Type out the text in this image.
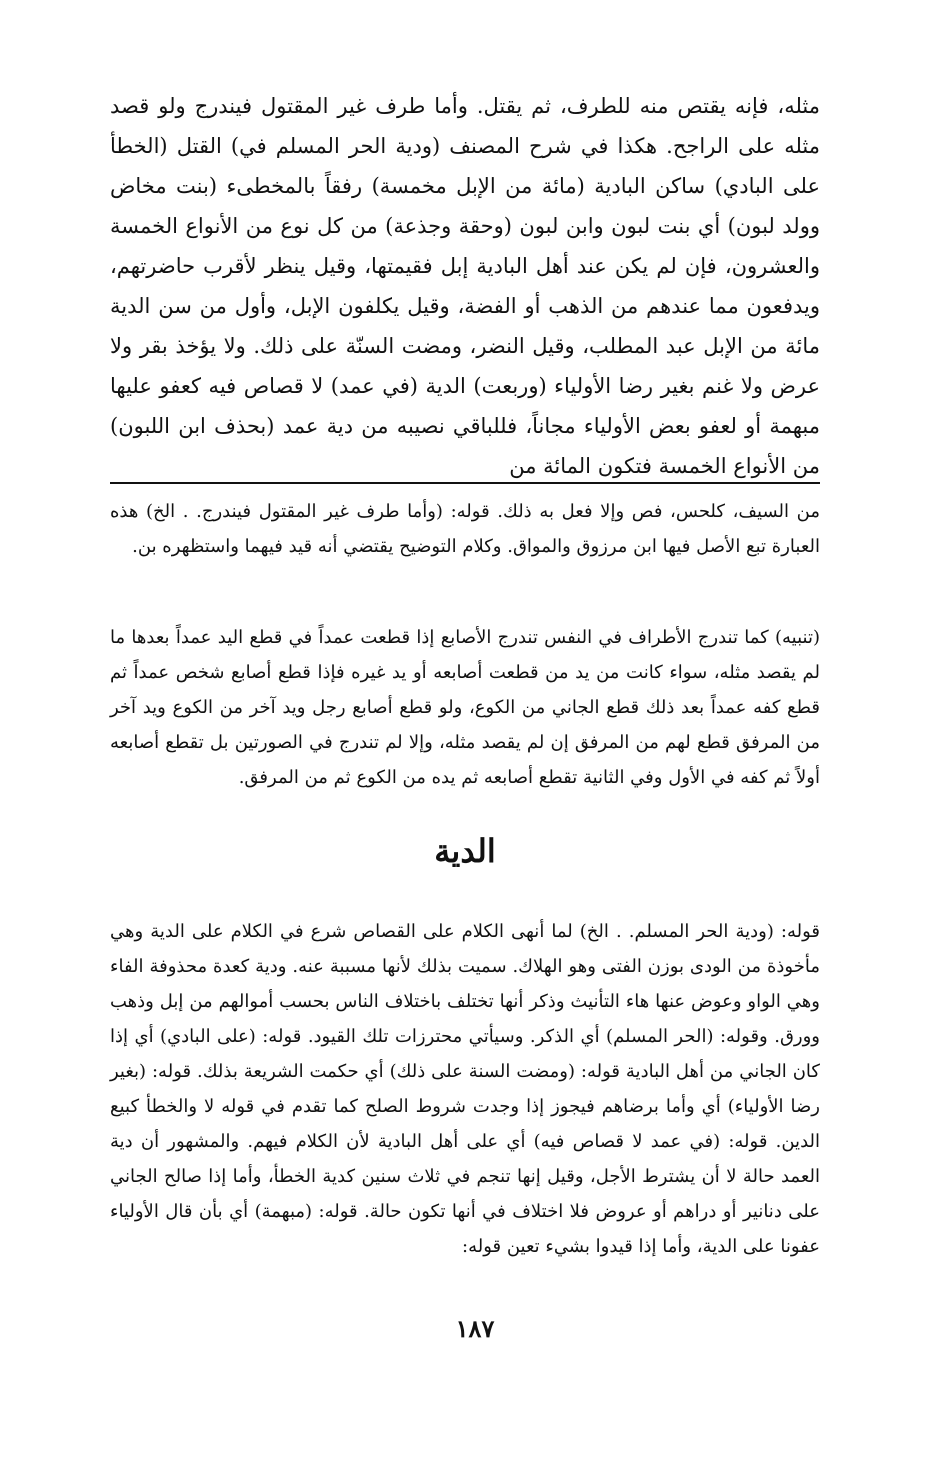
مثله، فإنه يقتص منه للطرف، ثم يقتل. وأما طرف غير المقتول فيندرج ولو قصد مثله على الراجح. هكذا في شرح المصنف (ودية الحر المسلم في) القتل (الخطأ على البادي) ساكن البادية (مائة من الإبل مخمسة) رفقاً بالمخطىء (بنت مخاض وولد لبون) أي بنت لبون وابن لبون (وحقة وجذعة) من كل نوع من الأنواع الخمسة والعشرون، فإن لم يكن عند أهل البادية إبل فقيمتها، وقيل ينظر لأقرب حاضرتهم، ويدفعون مما عندهم من الذهب أو الفضة، وقيل يكلفون الإبل، وأول من سن الدية مائة من الإبل عبد المطلب، وقيل النضر، ومضت السنّة على ذلك. ولا يؤخذ بقر ولا عرض ولا غنم بغير رضا الأولياء (وربعت) الدية (في عمد) لا قصاص فيه كعفو عليها مبهمة أو لعفو بعض الأولياء مجاناً، فللباقي نصيبه من دية عمد (بحذف ابن اللبون) من الأنواع الخمسة فتكون المائة من

من السيف، كلحس، فص وإلا فعل به ذلك. قوله: (وأما طرف غير المقتول فيندرج. . الخ) هذه العبارة تبع الأصل فيها ابن مرزوق والمواق. وكلام التوضيح يقتضي أنه قيد فيهما واستظهره بن.

(تنبيه) كما تندرج الأطراف في النفس تندرج الأصابع إذا قطعت عمداً في قطع اليد عمداً بعدها ما لم يقصد مثله، سواء كانت من يد من قطعت أصابعه أو يد غيره فإذا قطع أصابع شخص عمداً ثم قطع كفه عمداً بعد ذلك قطع الجاني من الكوع، ولو قطع أصابع رجل ويد آخر من الكوع ويد آخر من المرفق قطع لهم من المرفق إن لم يقصد مثله، وإلا لم تندرج في الصورتين بل تقطع أصابعه أولاً ثم كفه في الأول وفي الثانية تقطع أصابعه ثم يده من الكوع ثم من المرفق.

الدية

قوله: (ودية الحر المسلم. . الخ) لما أنهى الكلام على القصاص شرع في الكلام على الدية وهي مأخوذة من الودى بوزن الفتى وهو الهلاك. سميت بذلك لأنها مسببة عنه. ودية كعدة محذوفة الفاء وهي الواو وعوض عنها هاء التأنيث وذكر أنها تختلف باختلاف الناس بحسب أموالهم من إبل وذهب وورق. وقوله: (الحر المسلم) أي الذكر. وسيأتي محترزات تلك القيود. قوله: (على البادي) أي إذا كان الجاني من أهل البادية قوله: (ومضت السنة على ذلك) أي حكمت الشريعة بذلك. قوله: (بغير رضا الأولياء) أي وأما برضاهم فيجوز إذا وجدت شروط الصلح كما تقدم في قوله لا والخطأ كبيع الدين. قوله: (في عمد لا قصاص فيه) أي على أهل البادية لأن الكلام فيهم. والمشهور أن دية العمد حالة لا أن يشترط الأجل، وقيل إنها تنجم في ثلاث سنين كدية الخطأ، وأما إذا صالح الجاني على دنانير أو دراهم أو عروض فلا اختلاف في أنها تكون حالة. قوله: (مبهمة) أي بأن قال الأولياء عفونا على الدية، وأما إذا قيدوا بشيء تعين قوله:

١٨٧
